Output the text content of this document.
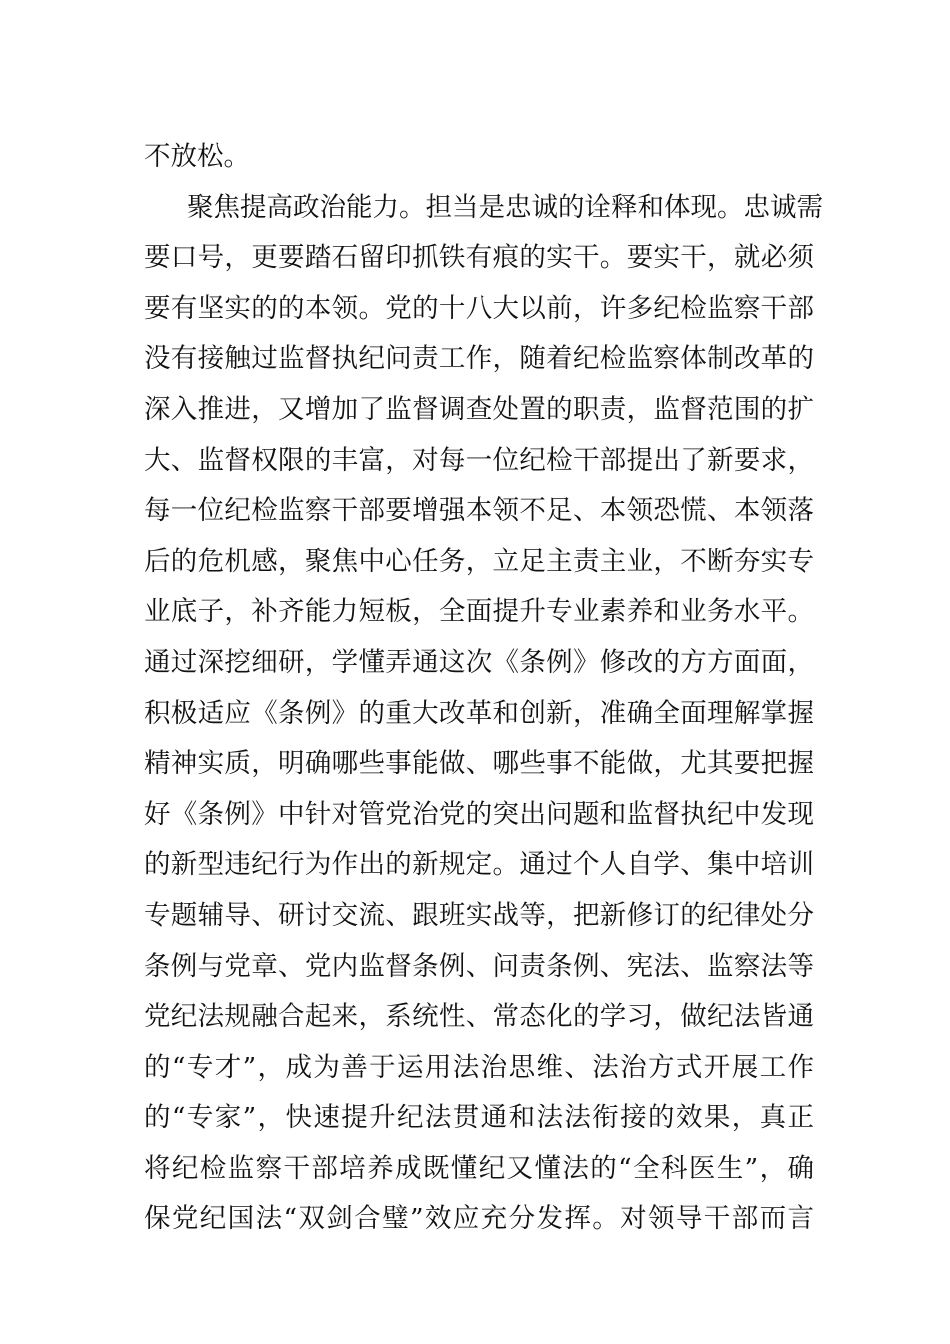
不放松。
聚焦提高政治能力。担当是忠诚的诠释和体现。忠诚需
要口号，更要踏石留印抓铁有痕的实干。要实干，就必须
要有坚实的的本领。党的十八大以前，许多纪检监察干部
没有接触过监督执纪问责工作，随着纪检监察体制改革的
深入推进，又增加了监督调查处置的职责，监督范围的扩
大、监督权限的丰富，对每一位纪检干部提出了新要求，
每一位纪检监察干部要增强本领不足、本领恐慌、本领落
后的危机感，聚焦中心任务，立足主责主业，不断夯实专
业底子，补齐能力短板，全面提升专业素养和业务水平。
通过深挖细研，学懂弄通这次《条例》修改的方方面面，
积极适应《条例》的重大改革和创新，准确全面理解掌握
精神实质，明确哪些事能做、哪些事不能做，尤其要把握
好《条例》中针对管党治党的突出问题和监督执纪中发现
的新型违纪行为作出的新规定。通过个人自学、集中培训
专题辅导、研讨交流、跟班实战等，把新修订的纪律处分
条例与党章、党内监督条例、问责条例、宪法、监察法等
党纪法规融合起来，系统性、常态化的学习，做纪法皆通
的“专才”，成为善于运用法治思维、法治方式开展工作
的“专家”，快速提升纪法贯通和法法衔接的效果，真正
将纪检监察干部培养成既懂纪又懂法的“全科医生”，确
保党纪国法“双剑合璧”效应充分发挥。对领导干部而言
